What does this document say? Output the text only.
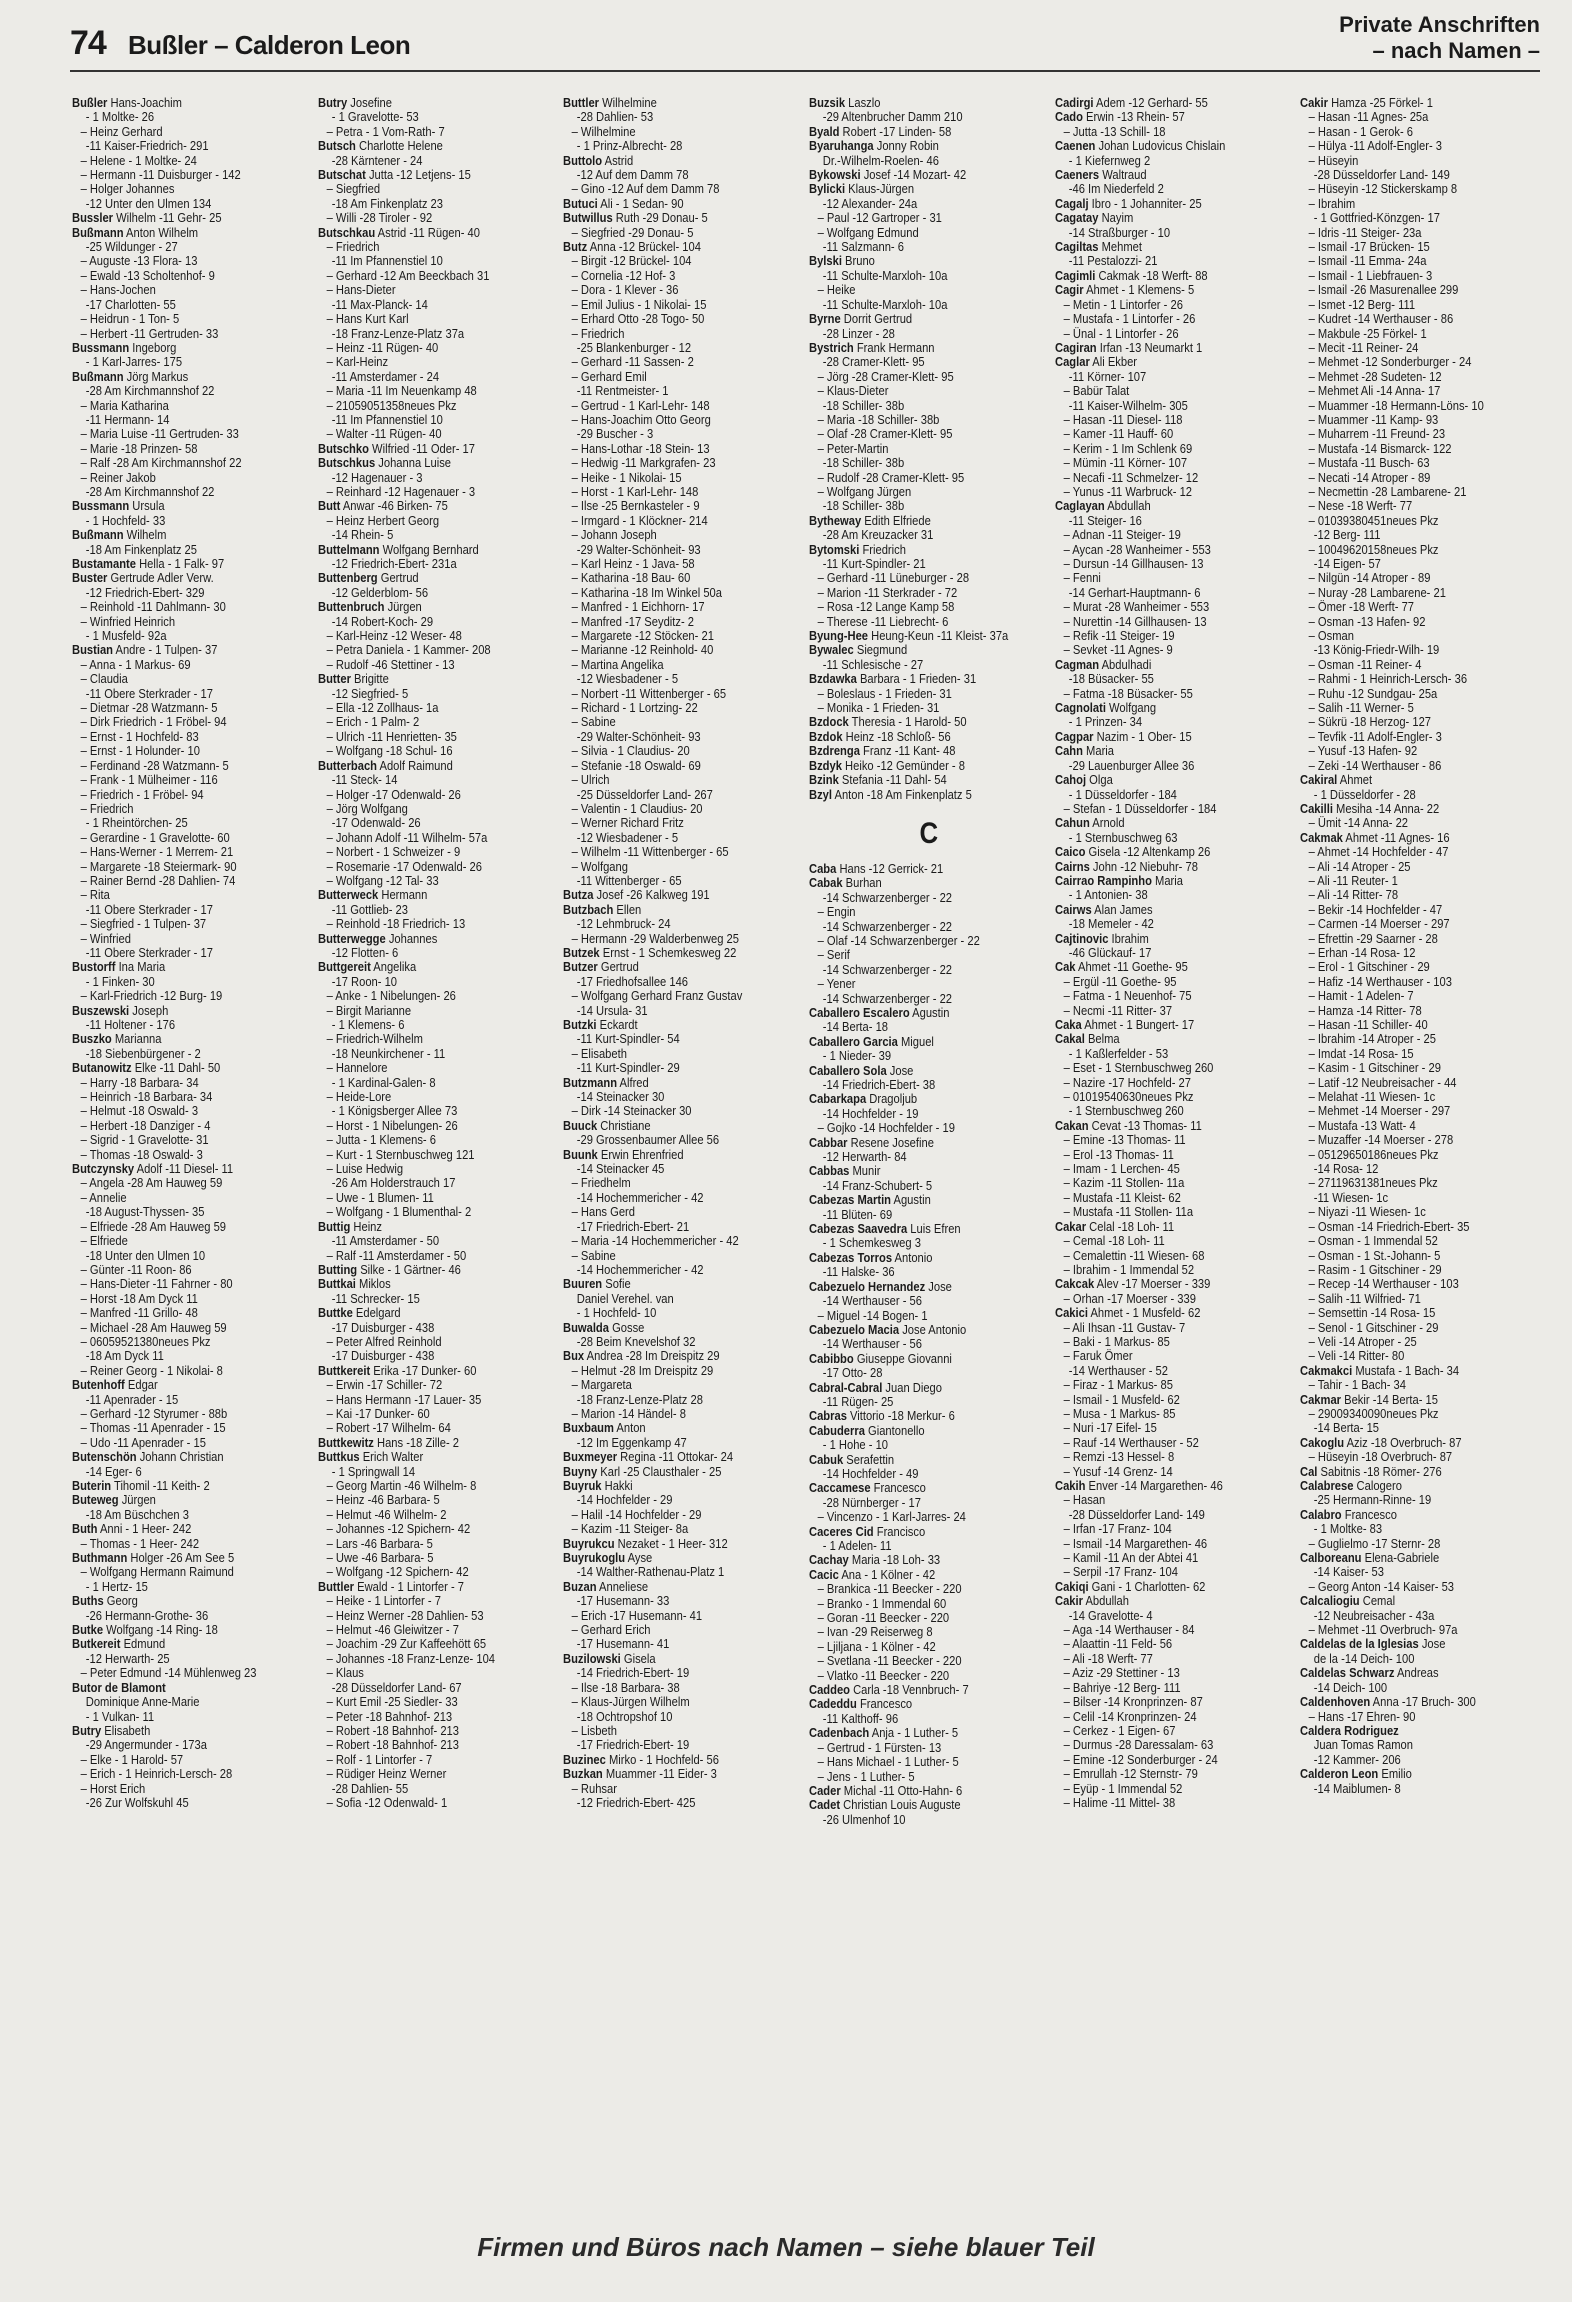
74 Bußler – Calderon Leon
Private Anschriften
– nach Namen –
Bußler Hans-Joachim
- 1 Moltke- 26
– Heinz Gerhard
-11 Kaiser-Friedrich- 291
– Helene - 1 Moltke- 24
– Hermann -11 Duisburger - 142
– Holger Johannes
-12 Unter den Ulmen 134
Bussler Wilhelm -11 Gehr- 25
Bußmann Anton Wilhelm
-25 Wildunger - 27
– Auguste -13 Flora- 13
– Ewald -13 Scholtenhof- 9
– Hans-Jochen
-17 Charlotten- 55
– Heidrun - 1 Ton- 5
– Herbert -11 Gertruden- 33
Bussmann Ingeborg
- 1 Karl-Jarres- 175
Bußmann Jörg Markus
-28 Am Kirchmannshof 22
– Maria Katharina
-11 Hermann- 14
– Maria Luise -11 Gertruden- 33
– Marie -18 Prinzen- 58
– Ralf -28 Am Kirchmannshof 22
– Reiner Jakob
-28 Am Kirchmannshof 22
Bussmann Ursula
- 1 Hochfeld- 33
Bußmann Wilhelm
-18 Am Finkenplatz 25
Bustamante Hella - 1 Falk- 97
Buster Gertrude Adler Verw.
-12 Friedrich-Ebert- 329
– Reinhold -11 Dahlmann- 30
– Winfried Heinrich
- 1 Musfeld- 92a
Bustian Andre - 1 Tulpen- 37
– Anna - 1 Markus- 69
– Claudia
-11 Obere Sterkrader - 17
– Dietmar -28 Watzmann- 5
– Dirk Friedrich - 1 Fröbel- 94
– Ernst - 1 Hochfeld- 83
– Ernst - 1 Holunder- 10
– Ferdinand -28 Watzmann- 5
– Frank - 1 Mülheimer - 116
– Friedrich - 1 Fröbel- 94
– Friedrich
- 1 Rheintörchen- 25
– Gerardine - 1 Gravelotte- 60
– Hans-Werner - 1 Merrem- 21
– Margarete -18 Steiermark- 90
– Rainer Bernd -28 Dahlien- 74
– Rita
-11 Obere Sterkrader - 17
– Siegfried - 1 Tulpen- 37
– Winfried
-11 Obere Sterkrader - 17
Bustorff Ina Maria
- 1 Finken- 30
– Karl-Friedrich -12 Burg- 19
Buszewski Joseph
-11 Holtener - 176
Buszko Marianna
-18 Siebenbürgener - 2
Butanowitz Elke -11 Dahl- 50
– Harry -18 Barbara- 34
– Heinrich -18 Barbara- 34
– Helmut -18 Oswald- 3
– Herbert -18 Danziger - 4
– Sigrid - 1 Gravelotte- 31
– Thomas -18 Oswald- 3
Butczynsky Adolf -11 Diesel- 11
– Angela -28 Am Hauweg 59
– Annelie
-18 August-Thyssen- 35
– Elfriede -28 Am Hauweg 59
– Elfriede
-18 Unter den Ulmen 10
– Günter -11 Roon- 86
– Hans-Dieter -11 Fahrner - 80
– Horst -18 Am Dyck 11
– Manfred -11 Grillo- 48
– Michael -28 Am Hauweg 59
– 06059521380neues Pkz
-18 Am Dyck 11
– Reiner Georg - 1 Nikolai- 8
Butenhoff Edgar
-11 Apenrader - 15
– Gerhard -12 Styrumer - 88b
– Thomas -11 Apenrader - 15
– Udo -11 Apenrader - 15
Butenschön Johann Christian
-14 Eger- 6
Buterin Tihomil -11 Keith- 2
Buteweg Jürgen
-18 Am Büschchen 3
Buth Anni - 1 Heer- 242
– Thomas - 1 Heer- 242
Buthmann Holger -26 Am See 5
– Wolfgang Hermann Raimund
- 1 Hertz- 15
Buths Georg
-26 Hermann-Grothe- 36
Butke Wolfgang -14 Ring- 18
Butkereit Edmund
-12 Herwarth- 25
– Peter Edmund -14 Mühlenweg 23
Butor de Blamont
Dominique Anne-Marie
- 1 Vulkan- 11
Butry Elisabeth
-29 Angermunder - 173a
– Elke - 1 Harold- 57
– Erich - 1 Heinrich-Lersch- 28
– Horst Erich
-26 Zur Wolfskuhl 45
Butry Josefine
- 1 Gravelotte- 53
– Petra - 1 Vom-Rath- 7
Butsch Charlotte Helene
-28 Kärntener - 24
Butschat Jutta -12 Letjens- 15
– Siegfried
-18 Am Finkenplatz 23
– Willi -28 Tiroler - 92
Butschkau Astrid -11 Rügen- 40
– Friedrich
-11 Im Pfannenstiel 10
– Gerhard -12 Am Beeckbach 31
– Hans-Dieter
-11 Max-Planck- 14
– Hans Kurt Karl
-18 Franz-Lenze-Platz 37a
– Heinz -11 Rügen- 40
– Karl-Heinz
-11 Amsterdamer - 24
– Maria -11 Im Neuenkamp 48
– 21059051358neues Pkz
-11 Im Pfannenstiel 10
– Walter -11 Rügen- 40
Butschko Wilfried -11 Oder- 17
Butschkus Johanna Luise
-12 Hagenauer - 3
– Reinhard -12 Hagenauer - 3
Butt Anwar -46 Birken- 75
– Heinz Herbert Georg
-14 Rhein- 5
Buttelmann Wolfgang Bernhard
-12 Friedrich-Ebert- 231a
Buttenberg Gertrud
-12 Gelderblom- 56
Buttenbruch Jürgen
-14 Robert-Koch- 29
– Karl-Heinz -12 Weser- 48
– Petra Daniela - 1 Kammer- 208
– Rudolf -46 Stettiner - 13
Butter Brigitte
-12 Siegfried- 5
– Ella -12 Zollhaus- 1a
– Erich - 1 Palm- 2
– Ulrich -11 Henrietten- 35
– Wolfgang -18 Schul- 16
Butterbach Adolf Raimund
-11 Steck- 14
– Holger -17 Odenwald- 26
– Jörg Wolfgang
-17 Odenwald- 26
– Johann Adolf -11 Wilhelm- 57a
– Norbert - 1 Schweizer - 9
– Rosemarie -17 Odenwald- 26
– Wolfgang -12 Tal- 33
Butterweck Hermann
-11 Gottlieb- 23
– Reinhold -18 Friedrich- 13
Butterwegge Johannes
-12 Flotten- 6
Buttgereit Angelika
-17 Roon- 10
– Anke - 1 Nibelungen- 26
– Birgit Marianne
- 1 Klemens- 6
– Friedrich-Wilhelm
-18 Neunkirchener - 11
– Hannelore
- 1 Kardinal-Galen- 8
– Heide-Lore
- 1 Königsberger Allee 73
– Horst - 1 Nibelungen- 26
– Jutta - 1 Klemens- 6
– Kurt - 1 Sternbuschweg 121
– Luise Hedwig
-26 Am Holderstrauch 17
– Uwe - 1 Blumen- 11
– Wolfgang - 1 Blumenthal- 2
Buttig Heinz
-11 Amsterdamer - 50
– Ralf -11 Amsterdamer - 50
Butting Silke - 1 Gärtner- 46
Buttkai Miklos
-11 Schrecker- 15
Buttke Edelgard
-17 Duisburger - 438
– Peter Alfred Reinhold
-17 Duisburger - 438
Buttkereit Erika -17 Dunker- 60
– Erwin -17 Schiller- 72
– Hans Hermann -17 Lauer- 35
– Kai -17 Dunker- 60
– Robert -17 Wilhelm- 64
Buttkewitz Hans -18 Zille- 2
Buttkus Erich Walter
- 1 Springwall 14
– Georg Martin -46 Wilhelm- 8
– Heinz -46 Barbara- 5
– Helmut -46 Wilhelm- 2
– Johannes -12 Spichern- 42
– Lars -46 Barbara- 5
– Uwe -46 Barbara- 5
– Wolfgang -12 Spichern- 42
Buttler Ewald - 1 Lintorfer - 7
– Heike - 1 Lintorfer - 7
– Heinz Werner -28 Dahlien- 53
– Helmut -46 Gleiwitzer - 7
– Joachim -29 Zur Kaffeehött 65
– Johannes -18 Franz-Lenze- 104
– Klaus
-28 Düsseldorfer Land- 67
– Kurt Emil -25 Siedler- 33
– Peter -18 Bahnhof- 213
– Robert -18 Bahnhof- 213
– Robert -18 Bahnhof- 213
– Rolf - 1 Lintorfer - 7
– Rüdiger Heinz Werner
-28 Dahlien- 55
– Sofia -12 Odenwald- 1
Buttler Wilhelmine
-28 Dahlien- 53
– Wilhelmine
- 1 Prinz-Albrecht- 28
Buttolo Astrid
-12 Auf dem Damm 78
– Gino -12 Auf dem Damm 78
Butuci Ali - 1 Sedan- 90
Butwillus Ruth -29 Donau- 5
– Siegfried -29 Donau- 5
Butz Anna -12 Brückel- 104
– Birgit -12 Brückel- 104
– Cornelia -12 Hof- 3
– Dora - 1 Klever - 36
– Emil Julius - 1 Nikolai- 15
– Erhard Otto -28 Togo- 50
– Friedrich
-25 Blankenburger - 12
– Gerhard -11 Sassen- 2
– Gerhard Emil
-11 Rentmeister- 1
– Gertrud - 1 Karl-Lehr- 148
– Hans-Joachim Otto Georg
-29 Buscher - 3
– Hans-Lothar -18 Stein- 13
– Hedwig -11 Markgrafen- 23
– Heike - 1 Nikolai- 15
– Horst - 1 Karl-Lehr- 148
– Ilse -25 Bernkasteler - 9
– Irmgard - 1 Klöckner- 214
– Johann Joseph
-29 Walter-Schönheit- 93
– Karl Heinz - 1 Java- 58
– Katharina -18 Bau- 60
– Katharina -18 Im Winkel 50a
– Manfred - 1 Eichhorn- 17
– Manfred -17 Seyditz- 2
– Margarete -12 Stöcken- 21
– Marianne -12 Reinhold- 40
– Martina Angelika
-12 Wiesbadener - 5
– Norbert -11 Wittenberger - 65
– Richard - 1 Lortzing- 22
– Sabine
-29 Walter-Schönheit- 93
– Silvia - 1 Claudius- 20
– Stefanie -18 Oswald- 69
– Ulrich
-25 Düsseldorfer Land- 267
– Valentin - 1 Claudius- 20
– Werner Richard Fritz
-12 Wiesbadener - 5
– Wilhelm -11 Wittenberger - 65
– Wolfgang
-11 Wittenberger - 65
Butza Josef -26 Kalkweg 191
Butzbach Ellen
-12 Lehmbruck- 24
– Hermann -29 Walderbenweg 25
Butzek Ernst - 1 Schemkesweg 22
Butzer Gertrud
-17 Friedhofsallee 146
– Wolfgang Gerhard Franz Gustav
-14 Ursula- 31
Butzki Eckardt
-11 Kurt-Spindler- 54
– Elisabeth
-11 Kurt-Spindler- 29
Butzmann Alfred
-14 Steinacker 30
– Dirk -14 Steinacker 30
Buuck Christiane
-29 Grossenbaumer Allee 56
Buunk Erwin Ehrenfried
-14 Steinacker 45
– Friedhelm
-14 Hochemmericher - 42
– Hans Gerd
-17 Friedrich-Ebert- 21
– Maria -14 Hochemmericher - 42
– Sabine
-14 Hochemmericher - 42
Buuren Sofie
Daniel Verehel. van
- 1 Hochfeld- 10
Buwalda Gosse
-28 Beim Knevelshof 32
Bux Andrea -28 Im Dreispitz 29
– Helmut -28 Im Dreispitz 29
– Margareta
-18 Franz-Lenze-Platz 28
– Marion -14 Händel- 8
Buxbaum Anton
-12 Im Eggenkamp 47
Buxmeyer Regina -11 Ottokar- 24
Buyny Karl -25 Clausthaler - 25
Buyruk Hakki
-14 Hochfelder - 29
– Halil -14 Hochfelder - 29
– Kazim -11 Steiger- 8a
Buyrukcu Nezaket - 1 Heer- 312
Buyrukoglu Ayse
-14 Walther-Rathenau-Platz 1
Buzan Anneliese
-17 Husemann- 33
– Erich -17 Husemann- 41
– Gerhard Erich
-17 Husemann- 41
Buzilowski Gisela
-14 Friedrich-Ebert- 19
– Ilse -18 Barbara- 38
– Klaus-Jürgen Wilhelm
-18 Ochtropshof 10
– Lisbeth
-17 Friedrich-Ebert- 19
Buzinec Mirko - 1 Hochfeld- 56
Buzkan Muammer -11 Eider- 3
– Ruhsar
-12 Friedrich-Ebert- 425
Buzsik Laszlo
-29 Altenbrucher Damm 210
Byald Robert -17 Linden- 58
Byaruhanga Jonny Robin
Dr.-Wilhelm-Roelen- 46
Bykowski Josef -14 Mozart- 42
Bylicki Klaus-Jürgen
-12 Alexander- 24a
– Paul -12 Gartroper - 31
– Wolfgang Edmund
-11 Salzmann- 6
Bylski Bruno
-11 Schulte-Marxloh- 10a
– Heike
-11 Schulte-Marxloh- 10a
Byrne Dorrit Gertrud
-28 Linzer - 28
Bystrich Frank Hermann
-28 Cramer-Klett- 95
– Jörg -28 Cramer-Klett- 95
– Klaus-Dieter
-18 Schiller- 38b
– Maria -18 Schiller- 38b
– Olaf -28 Cramer-Klett- 95
– Peter-Martin
-18 Schiller- 38b
– Rudolf -28 Cramer-Klett- 95
– Wolfgang Jürgen
-18 Schiller- 38b
Bytheway Edith Elfriede
-28 Am Kreuzacker 31
Bytomski Friedrich
-11 Kurt-Spindler- 21
– Gerhard -11 Lüneburger - 28
– Marion -11 Sterkrader - 72
– Rosa -12 Lange Kamp 58
– Therese -11 Liebrecht- 6
Byung-Hee Heung-Keun -11 Kleist- 37a
Bywalec Siegmund
-11 Schlesische - 27
Bzdawka Barbara - 1 Frieden- 31
– Boleslaus - 1 Frieden- 31
– Monika - 1 Frieden- 31
Bzdock Theresia - 1 Harold- 50
Bzdok Heinz -18 Schloß- 56
Bzdrenga Franz -11 Kant- 48
Bzdyk Heiko -12 Gemünder - 8
Bzink Stefania -11 Dahl- 54
Bzyl Anton -18 Am Finkenplatz 5
C
Caba Hans -12 Gerrick- 21
Cabak Burhan
-14 Schwarzenberger - 22
– Engin
-14 Schwarzenberger - 22
– Olaf -14 Schwarzenberger - 22
– Serif
-14 Schwarzenberger - 22
– Yener
-14 Schwarzenberger - 22
Caballero Escalero Agustin
-14 Berta- 18
Caballero Garcia Miguel
- 1 Nieder- 39
Caballero Sola Jose
-14 Friedrich-Ebert- 38
Cabarkapa Dragoljub
-14 Hochfelder - 19
– Gojko -14 Hochfelder - 19
Cabbar Resene Josefine
-12 Herwarth- 84
Cabbas Munir
-14 Franz-Schubert- 5
Cabezas Martin Agustin
-11 Blüten- 69
Cabezas Saavedra Luis Efren
- 1 Schemkesweg 3
Cabezas Torros Antonio
-11 Halske- 36
Cabezuelo Hernandez Jose
-14 Werthauser - 56
– Miguel -14 Bogen- 1
Cabezuelo Macia Jose Antonio
-14 Werthauser - 56
Cabibbo Giuseppe Giovanni
-17 Otto- 28
Cabral-Cabral Juan Diego
-11 Rügen- 25
Cabras Vittorio -18 Merkur- 6
Cabuderra Giantonello
- 1 Hohe - 10
Cabuk Serafettin
-14 Hochfelder - 49
Caccamese Francesco
-28 Nürnberger - 17
– Vincenzo - 1 Karl-Jarres- 24
Caceres Cid Francisco
- 1 Adelen- 11
Cachay Maria -18 Loh- 33
Cacic Ana - 1 Kölner - 42
– Brankica -11 Beecker - 220
– Branko - 1 Immendal 60
– Goran -11 Beecker - 220
– Ivan -29 Reiserweg 8
– Ljiljana - 1 Kölner - 42
– Svetlana -11 Beecker - 220
– Vlatko -11 Beecker - 220
Caddeo Carla -18 Vennbruch- 7
Cadeddu Francesco
-11 Kalthoff- 96
Cadenbach Anja - 1 Luther- 5
– Gertrud - 1 Fürsten- 13
– Hans Michael - 1 Luther- 5
– Jens - 1 Luther- 5
Cader Michal -11 Otto-Hahn- 6
Cadet Christian Louis Auguste
-26 Ulmenhof 10
Cadirgi Adem -12 Gerhard- 55
Cado Erwin -13 Rhein- 57
– Jutta -13 Schill- 18
Caenen Johan Ludovicus Chislain
- 1 Kiefernweg 2
Caeners Waltraud
-46 Im Niederfeld 2
Cagalj Ibro - 1 Johanniter- 25
Cagatay Nayim
-14 Straßburger - 10
Cagiltas Mehmet
-11 Pestalozzi- 21
Cagimli Cakmak -18 Werft- 88
Cagir Ahmet - 1 Klemens- 5
– Metin - 1 Lintorfer - 26
– Mustafa - 1 Lintorfer - 26
– Ünal - 1 Lintorfer - 26
Cagiran Irfan -13 Neumarkt 1
Caglar Ali Ekber
-11 Körner- 107
– Babür Talat
-11 Kaiser-Wilhelm- 305
– Hasan -11 Diesel- 118
– Kamer -11 Hauff- 60
– Kerim - 1 Im Schlenk 69
– Mümin -11 Körner- 107
– Necafi -11 Schmelzer- 12
– Yunus -11 Warbruck- 12
Caglayan Abdullah
-11 Steiger- 16
– Adnan -11 Steiger- 19
– Aycan -28 Wanheimer - 553
– Dursun -14 Gillhausen- 13
– Fenni
-14 Gerhart-Hauptmann- 6
– Murat -28 Wanheimer - 553
– Nurettin -14 Gillhausen- 13
– Refik -11 Steiger- 19
– Sevket -11 Agnes- 9
Cagman Abdulhadi
-18 Büsacker- 55
– Fatma -18 Büsacker- 55
Cagnolati Wolfgang
- 1 Prinzen- 34
Cagpar Nazim - 1 Ober- 15
Cahn Maria
-29 Lauenburger Allee 36
Cahoj Olga
- 1 Düsseldorfer - 184
– Stefan - 1 Düsseldorfer - 184
Cahun Arnold
- 1 Sternbuschweg 63
Caico Gisela -12 Altenkamp 26
Cairns John -12 Niebuhr- 78
Cairrao Rampinho Maria
- 1 Antonien- 38
Cairws Alan James
-18 Memeler - 42
Cajtinovic Ibrahim
-46 Glückauf- 17
Cak Ahmet -11 Goethe- 95
– Ergül -11 Goethe- 95
– Fatma - 1 Neuenhof- 75
– Necmi -11 Ritter- 37
Caka Ahmet - 1 Bungert- 17
Cakal Belma
- 1 Kaßlerfelder - 53
– Eset - 1 Sternbuschweg 260
– Nazire -17 Hochfeld- 27
– 01019540630neues Pkz
- 1 Sternbuschweg 260
Cakan Cevat -13 Thomas- 11
– Emine -13 Thomas- 11
– Erol -13 Thomas- 11
– Imam - 1 Lerchen- 45
– Kazim -11 Stollen- 11a
– Mustafa -11 Kleist- 62
– Mustafa -11 Stollen- 11a
Cakar Celal -18 Loh- 11
– Cemal -18 Loh- 11
– Cemalettin -11 Wiesen- 68
– Ibrahim - 1 Immendal 52
Cakcak Alev -17 Moerser - 339
– Orhan -17 Moerser - 339
Cakici Ahmet - 1 Musfeld- 62
– Ali Ihsan -11 Gustav- 7
– Baki - 1 Markus- 85
– Faruk Ömer
-14 Werthauser - 52
– Firaz - 1 Markus- 85
– Ismail - 1 Musfeld- 62
– Musa - 1 Markus- 85
– Nuri -17 Eifel- 15
– Rauf -14 Werthauser - 52
– Remzi -13 Hessel- 8
– Yusuf -14 Grenz- 14
Cakih Enver -14 Margarethen- 46
– Hasan
-28 Düsseldorfer Land- 149
– Irfan -17 Franz- 104
– Ismail -14 Margarethen- 46
– Kamil -11 An der Abtei 41
– Serpil -17 Franz- 104
Cakiqi Gani - 1 Charlotten- 62
Cakir Abdullah
-14 Gravelotte- 4
– Aga -14 Werthauser - 84
– Alaattin -11 Feld- 56
– Ali -18 Werft- 77
– Aziz -29 Stettiner - 13
– Bahriye -12 Berg- 111
– Bilser -14 Kronprinzen- 87
– Celil -14 Kronprinzen- 24
– Cerkez - 1 Eigen- 67
– Durmus -28 Daressalam- 63
– Emine -12 Sonderburger - 24
– Emrullah -12 Sternstr- 79
– Eyüp - 1 Immendal 52
– Halime -11 Mittel- 38
Cakir Hamza -25 Förkel- 1
– Hasan -11 Agnes- 25a
– Hasan - 1 Gerok- 6
– Hülya -11 Adolf-Engler- 3
– Hüseyin
-28 Düsseldorfer Land- 149
– Hüseyin -12 Stickerskamp 8
– Ibrahim
- 1 Gottfried-Könzgen- 17
– Idris -11 Steiger- 23a
– Ismail -17 Brücken- 15
– Ismail -11 Emma- 24a
– Ismail - 1 Liebfrauen- 3
– Ismail -26 Masurenallee 299
– Ismet -12 Berg- 111
– Kudret -14 Werthauser - 86
– Makbule -25 Förkel- 1
– Mecit -11 Reiner- 24
– Mehmet -12 Sonderburger - 24
– Mehmet -28 Sudeten- 12
– Mehmet Ali -14 Anna- 17
– Muammer -18 Hermann-Löns- 10
– Muammer -11 Kamp- 93
– Muharrem -11 Freund- 23
– Mustafa -14 Bismarck- 122
– Mustafa -11 Busch- 63
– Necati -14 Atroper - 89
– Necmettin -28 Lambarene- 21
– Nese -18 Werft- 77
– 01039380451neues Pkz
-12 Berg- 111
– 10049620158neues Pkz
-14 Eigen- 57
– Nilgün -14 Atroper - 89
– Nuray -28 Lambarene- 21
– Ömer -18 Werft- 77
– Osman -13 Hafen- 92
– Osman
-13 König-Friedr-Wilh- 19
– Osman -11 Reiner- 4
– Rahmi - 1 Heinrich-Lersch- 36
– Ruhu -12 Sundgau- 25a
– Salih -11 Werner- 5
– Sükrü -18 Herzog- 127
– Tevfik -11 Adolf-Engler- 3
– Yusuf -13 Hafen- 92
– Zeki -14 Werthauser - 86
Cakiral Ahmet
- 1 Düsseldorfer - 28
Cakilli Mesiha -14 Anna- 22
– Ümit -14 Anna- 22
Cakmak Ahmet -11 Agnes- 16
– Ahmet -14 Hochfelder - 47
– Ali -14 Atroper - 25
– Ali -11 Reuter- 1
– Ali -14 Ritter- 78
– Bekir -14 Hochfelder - 47
– Carmen -14 Moerser - 297
– Efrettin -29 Saarner - 28
– Erhan -14 Rosa- 12
– Erol - 1 Gitschiner - 29
– Hafiz -14 Werthauser - 103
– Hamit - 1 Adelen- 7
– Hamza -14 Ritter- 78
– Hasan -11 Schiller- 40
– Ibrahim -14 Atroper - 25
– Imdat -14 Rosa- 15
– Kasim - 1 Gitschiner - 29
– Latif -12 Neubreisacher - 44
– Melahat -11 Wiesen- 1c
– Mehmet -14 Moerser - 297
– Mustafa -13 Watt- 4
– Muzaffer -14 Moerser - 278
– 05129650186neues Pkz
-14 Rosa- 12
– 27119631381neues Pkz
-11 Wiesen- 1c
– Niyazi -11 Wiesen- 1c
– Osman -14 Friedrich-Ebert- 35
– Osman - 1 Immendal 52
– Osman - 1 St.-Johann- 5
– Rasim - 1 Gitschiner - 29
– Recep -14 Werthauser - 103
– Salih -11 Wilfried- 71
– Semsettin -14 Rosa- 15
– Senol - 1 Gitschiner - 29
– Veli -14 Atroper - 25
– Veli -14 Ritter- 80
Cakmakci Mustafa - 1 Bach- 34
– Tahir - 1 Bach- 34
Cakmar Bekir -14 Berta- 15
– 29009340090neues Pkz
-14 Berta- 15
Cakoglu Aziz -18 Overbruch- 87
– Hüseyin -18 Overbruch- 87
Cal Sabitnis -18 Römer- 276
Calabrese Calogero
-25 Hermann-Rinne- 19
Calabro Francesco
- 1 Moltke- 83
– Guglielmo -17 Sternr- 28
Calboreanu Elena-Gabriele
-14 Kaiser- 53
– Georg Anton -14 Kaiser- 53
Calcaliogiu Cemal
-12 Neubreisacher - 43a
– Mehmet -11 Overbruch- 97a
Caldelas de la Iglesias Jose
de la -14 Deich- 100
Caldelas Schwarz Andreas
-14 Deich- 100
Caldenhoven Anna -17 Bruch- 300
– Hans -17 Ehren- 90
Caldera Rodriguez
Juan Tomas Ramon
-12 Kammer- 206
Calderon Leon Emilio
-14 Maiblumen- 8
Firmen und Büros nach Namen – siehe blauer Teil
